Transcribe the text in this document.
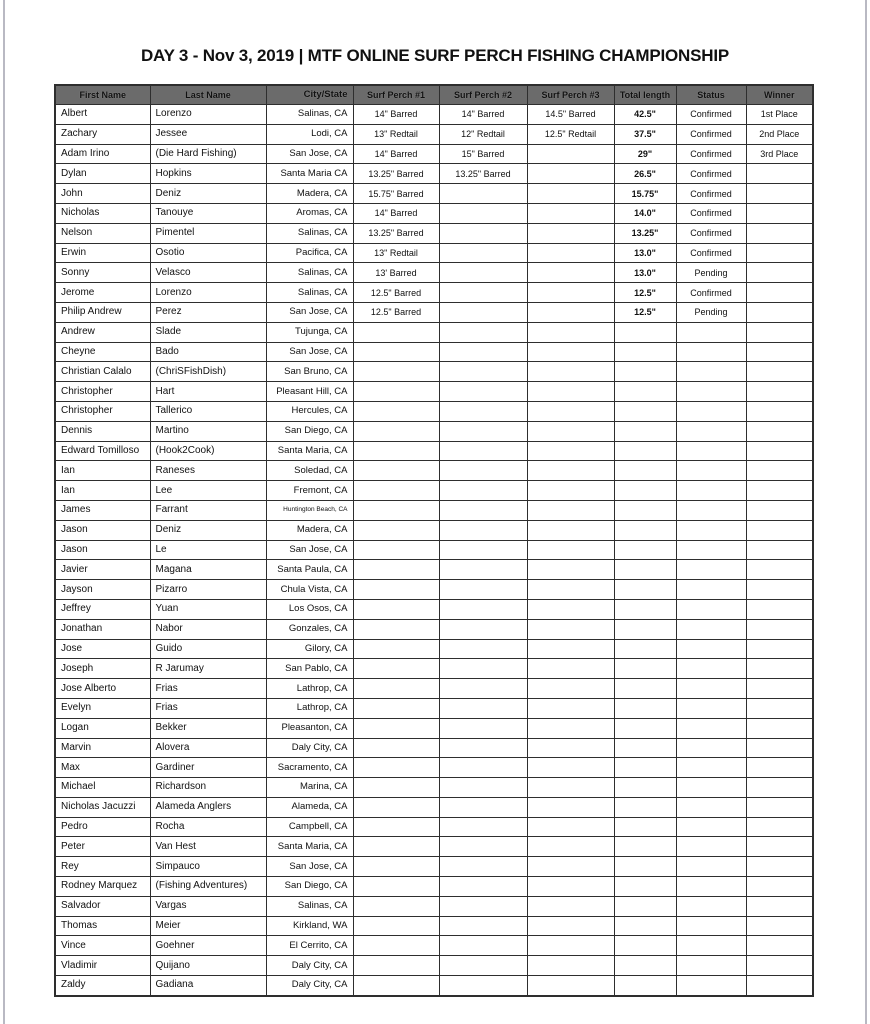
DAY 3 - Nov 3, 2019 | MTF ONLINE SURF PERCH FISHING CHAMPIONSHIP
First Name	Last Name	City/State	Surf Perch #1	Surf Perch #2	Surf Perch #3	Total length	Status	Winner
Albert	Lorenzo	Salinas, CA	14" Barred	14" Barred	14.5" Barred	42.5"	Confirmed	1st Place
Zachary	Jessee	Lodi, CA	13" Redtail	12" Redtail	12.5" Redtail	37.5"	Confirmed	2nd Place
Adam Irino	(Die Hard Fishing)	San Jose, CA	14" Barred	15" Barred		29"	Confirmed	3rd Place
Dylan	Hopkins	Santa Maria CA	13.25" Barred	13.25" Barred		26.5"	Confirmed	
John	Deniz	Madera, CA	15.75" Barred			15.75"	Confirmed	
Nicholas	Tanouye	Aromas, CA	14" Barred			14.0"	Confirmed	
Nelson	Pimentel	Salinas, CA	13.25" Barred			13.25"	Confirmed	
Erwin	Osotio	Pacifica, CA	13" Redtail			13.0"	Confirmed	
Sonny	Velasco	Salinas, CA	13' Barred			13.0"	Pending	
Jerome	Lorenzo	Salinas, CA	12.5" Barred			12.5"	Confirmed	
Philip Andrew	Perez	San Jose, CA	12.5" Barred			12.5"	Pending	
Andrew	Slade	Tujunga, CA						
Cheyne	Bado	San Jose, CA						
Christian Calalo	(ChriSFishDish)	San Bruno, CA						
Christopher	Hart	Pleasant Hill, CA						
Christopher	Tallerico	Hercules, CA						
Dennis	Martino	San Diego, CA						
Edward Tomilloso	(Hook2Cook)	Santa Maria, CA						
Ian	Raneses	Soledad, CA						
Ian	Lee	Fremont, CA						
James	Farrant	Huntington Beach, CA						
Jason	Deniz	Madera, CA						
Jason	Le	San Jose, CA						
Javier	Magana	Santa Paula, CA						
Jayson	Pizarro	Chula Vista, CA						
Jeffrey	Yuan	Los Osos, CA						
Jonathan	Nabor	Gonzales, CA						
Jose	Guido	Gilory, CA						
Joseph	R Jarumay	San Pablo, CA						
Jose Alberto	Frias	Lathrop, CA						
Evelyn	Frias	Lathrop, CA						
Logan	Bekker	Pleasanton, CA						
Marvin	Alovera	Daly City, CA						
Max	Gardiner	Sacramento, CA						
Michael	Richardson	Marina, CA						
Nicholas Jacuzzi	Alameda Anglers	Alameda, CA						
Pedro	Rocha	Campbell, CA						
Peter	Van Hest	Santa Maria, CA						
Rey	Simpauco	San Jose, CA						
Rodney Marquez	(Fishing Adventures)	San Diego, CA						
Salvador	Vargas	Salinas, CA						
Thomas	Meier	Kirkland, WA						
Vince	Goehner	El Cerrito, CA						
Vladimir	Quijano	Daly City, CA						
Zaldy	Gadiana	Daly City, CA						
